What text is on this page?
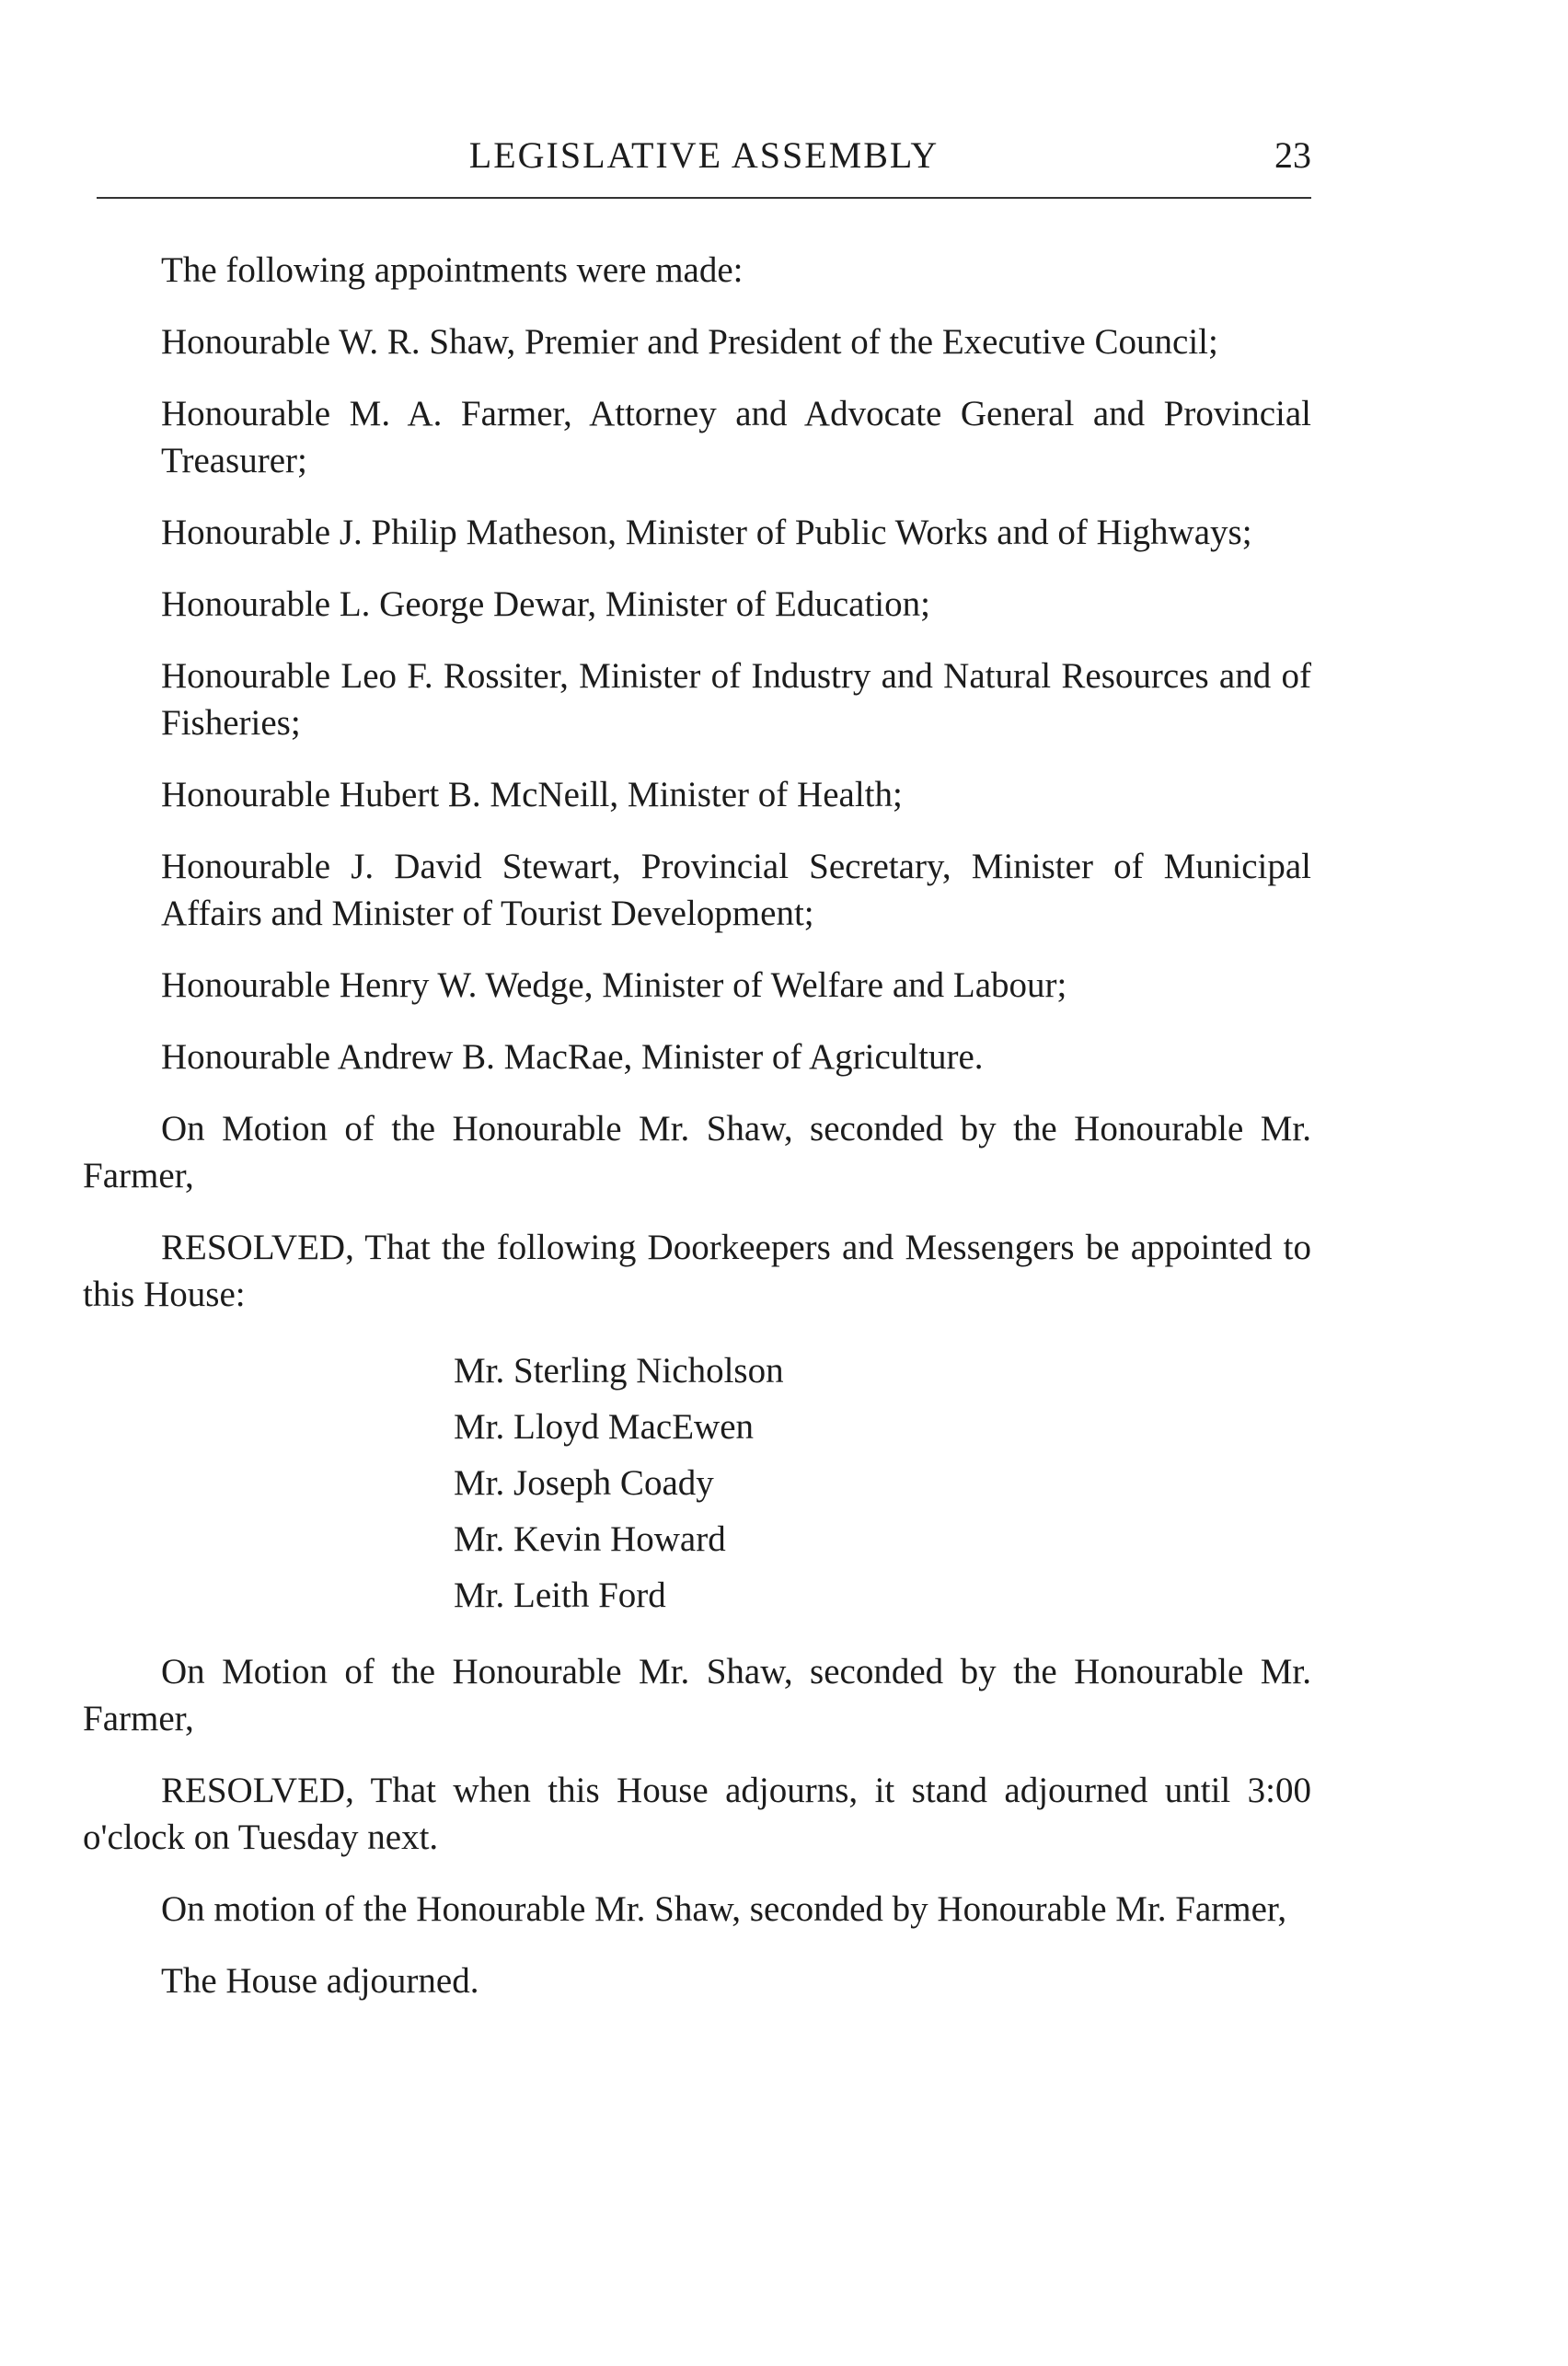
LEGISLATIVE ASSEMBLY	23

The following appointments were made:

Honourable W. R. Shaw, Premier and President of the Executive Council;

Honourable M. A. Farmer, Attorney and Advocate General and Provincial Treasurer;

Honourable J. Philip Matheson, Minister of Public Works and of Highways;

Honourable L. George Dewar, Minister of Education;

Honourable Leo F. Rossiter, Minister of Industry and Natural Resources and of Fisheries;

Honourable Hubert B. McNeill, Minister of Health;

Honourable J. David Stewart, Provincial Secretary, Minister of Municipal Affairs and Minister of Tourist Development;

Honourable Henry W. Wedge, Minister of Welfare and Labour;

Honourable Andrew B. MacRae, Minister of Agriculture.

On Motion of the Honourable Mr. Shaw, seconded by the Honourable Mr. Farmer,

RESOLVED, That the following Doorkeepers and Messengers be appointed to this House:

Mr. Sterling Nicholson
Mr. Lloyd MacEwen
Mr. Joseph Coady
Mr. Kevin Howard
Mr. Leith Ford

On Motion of the Honourable Mr. Shaw, seconded by the Honourable Mr. Farmer,

RESOLVED, That when this House adjourns, it stand adjourned until 3:00 o'clock on Tuesday next.

On motion of the Honourable Mr. Shaw, seconded by Honourable Mr. Farmer,

The House adjourned.
